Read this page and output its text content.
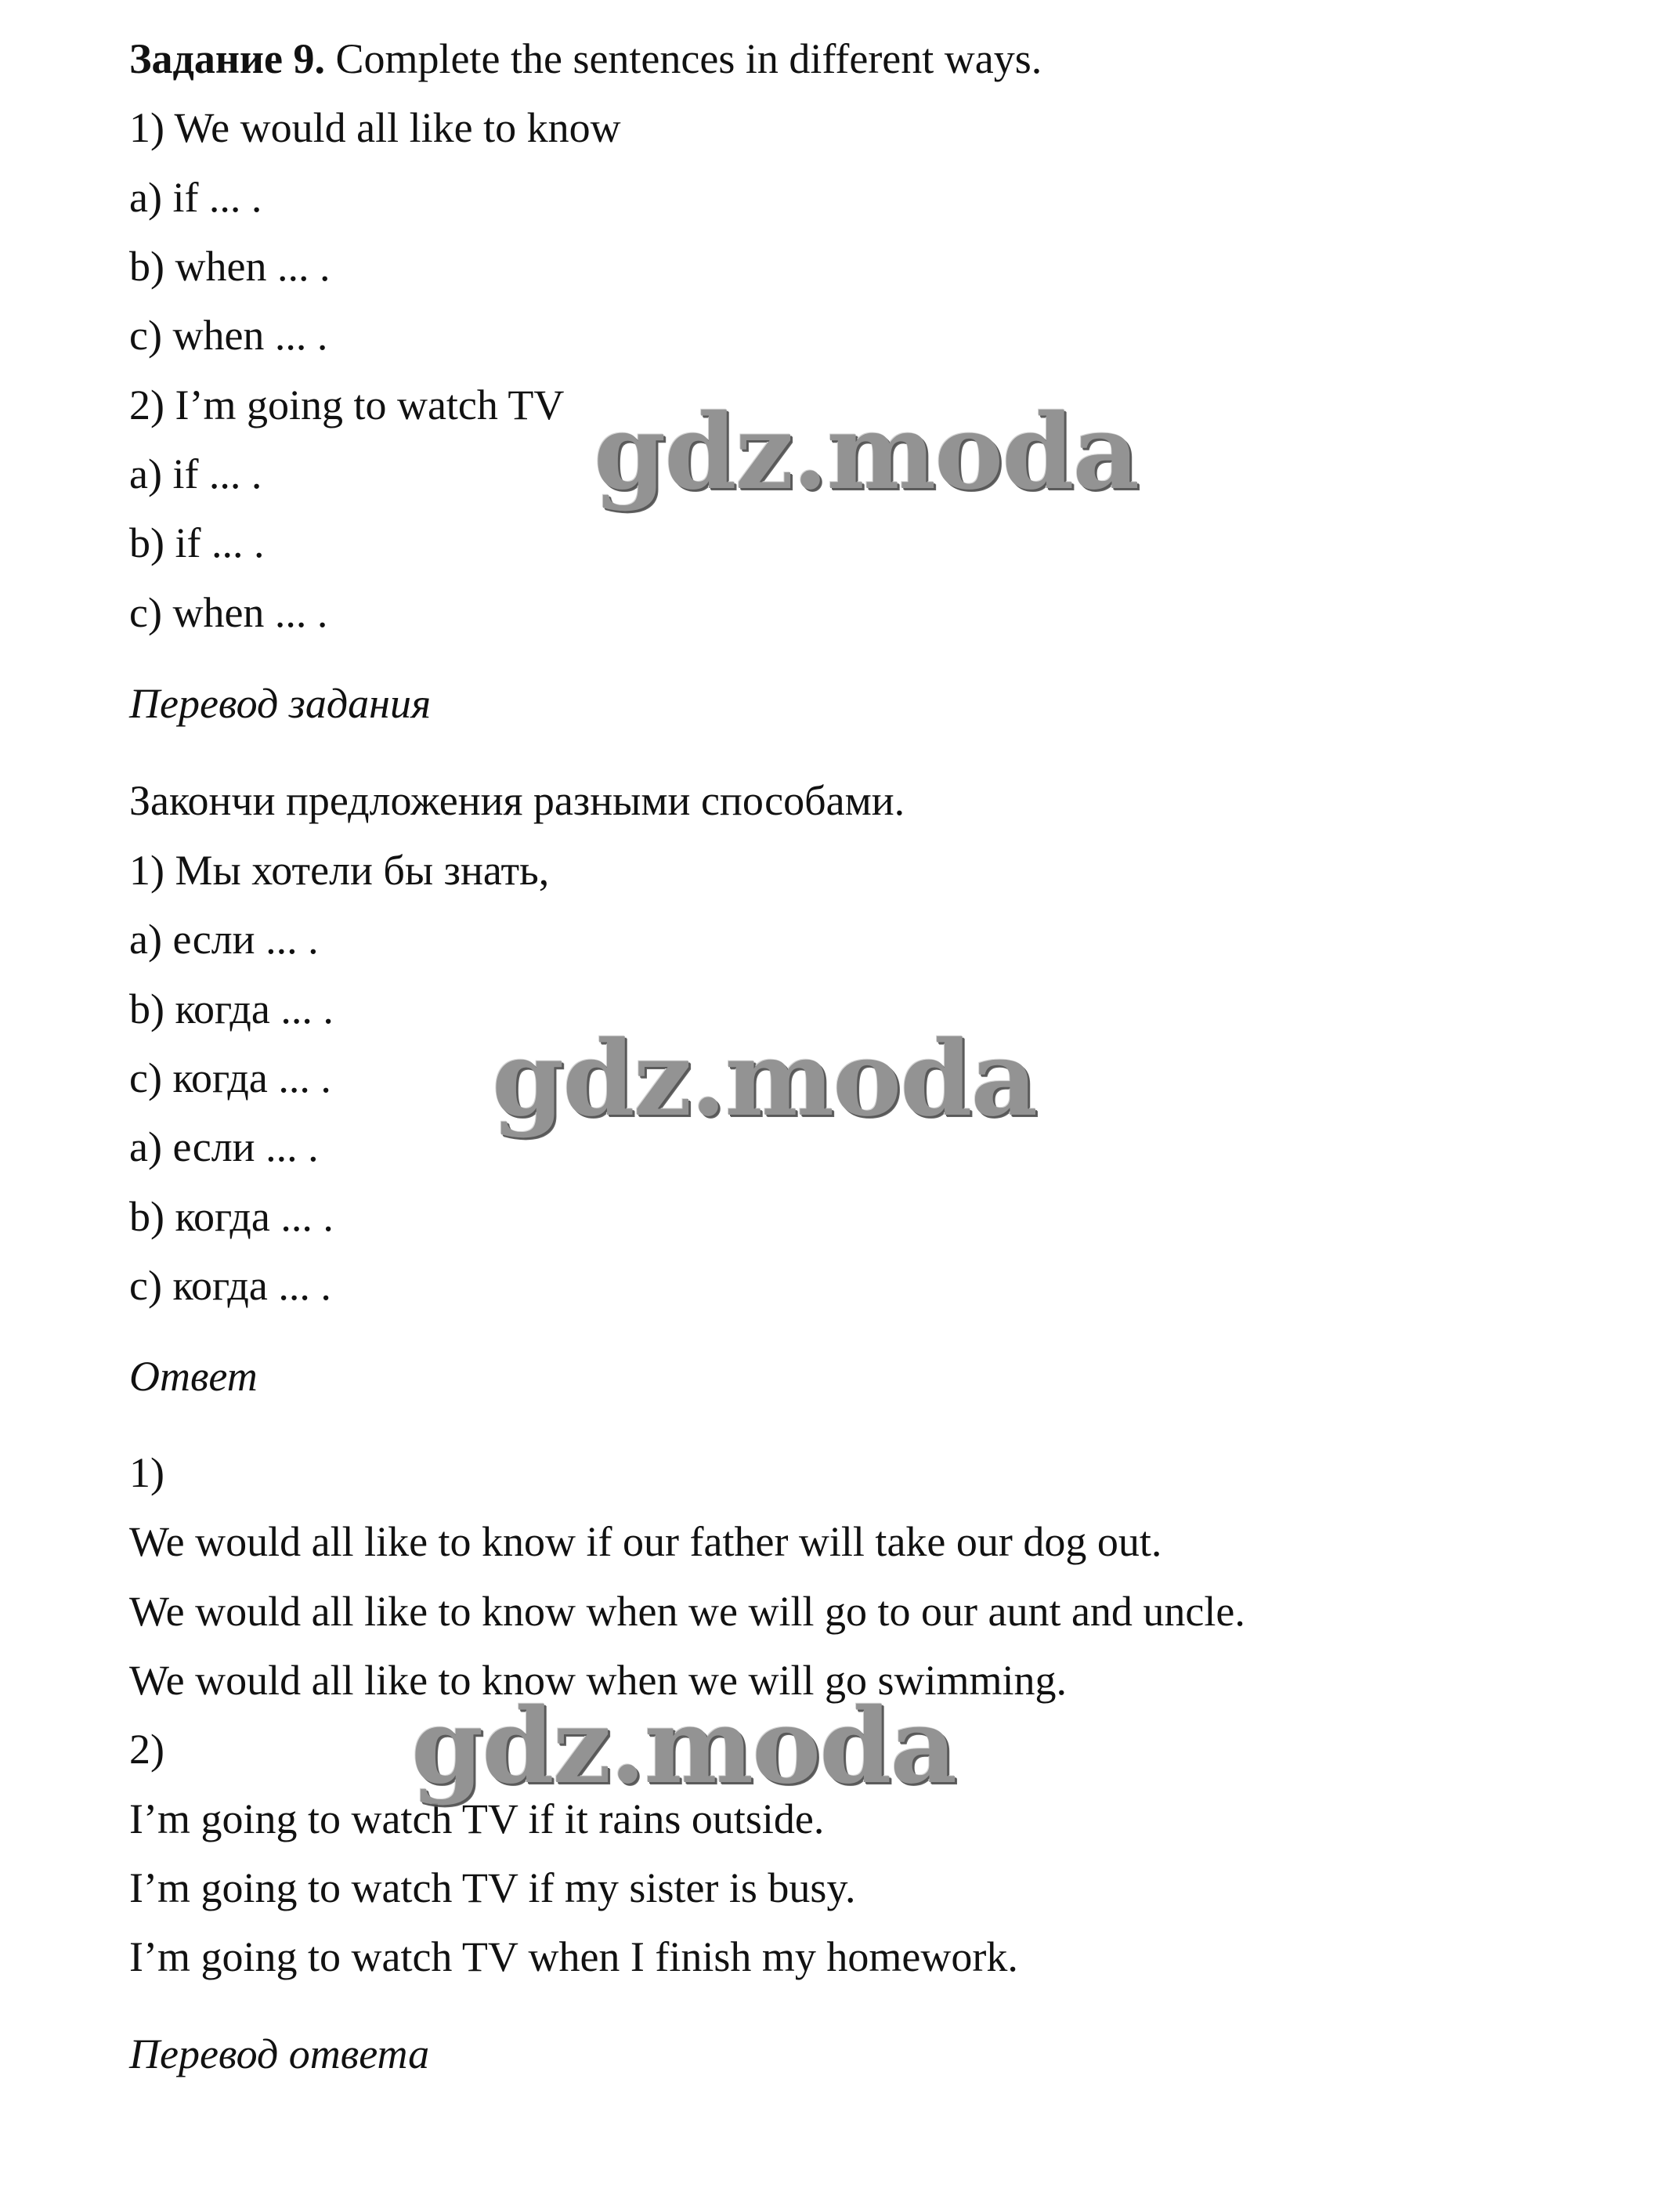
Задание 9. Complete the sentences in different ways.
1) We would all like to know
a) if ... .
b) when ... .
c) when ... .
2) I’m going to watch TV
a) if ... .
b) if ... .
c) when ... .
Перевод задания
Закончи предложения разными способами.
1) Мы хотели бы знать,
a) если ... .
b) когда ... .
c) когда ... .
a) если ... .
b) когда ... .
c) когда ... .
Ответ
1)
We would all like to know if our father will take our dog out.
We would all like to know when we will go to our aunt and uncle.
We would all like to know when we will go swimming.
2)
I’m going to watch TV if it rains outside.
I’m going to watch TV if my sister is busy.
I’m going to watch TV when I finish my homework.
Перевод ответа
gdz.moda
gdz.moda
gdz.moda
